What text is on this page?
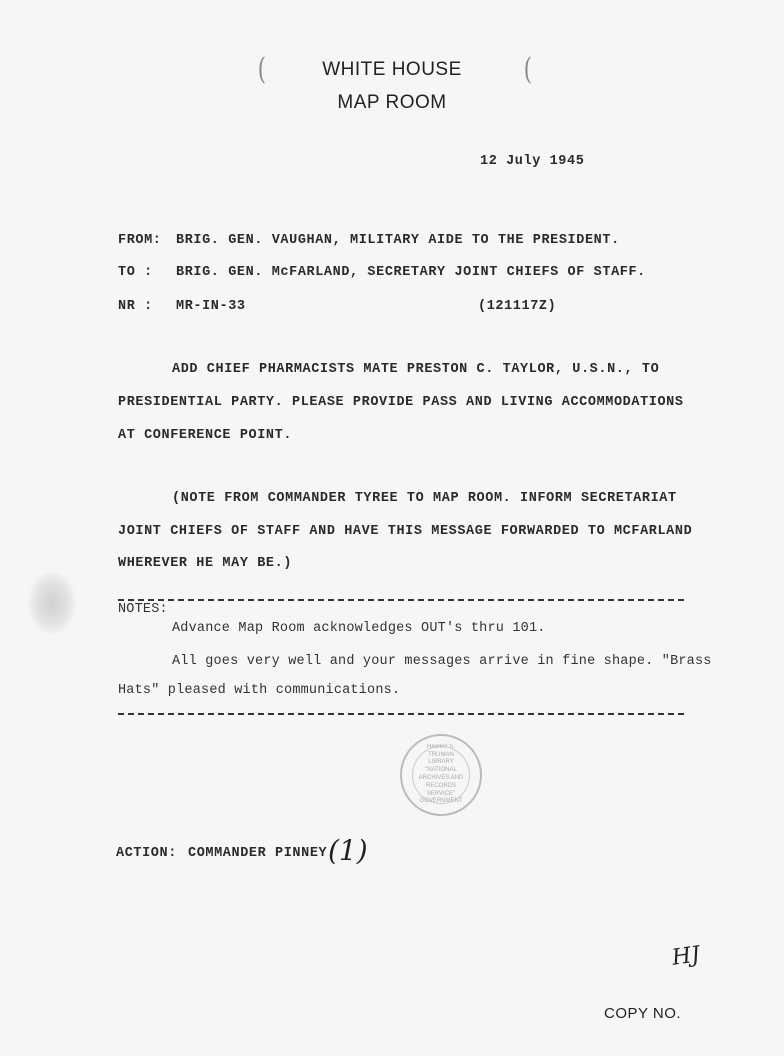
(	(
WHITE HOUSE
MAP ROOM
12 July 1945
FROM: BRIG. GEN. VAUGHAN, MILITARY AIDE TO THE PRESIDENT.
TO : BRIG. GEN. McFARLAND, SECRETARY JOINT CHIEFS OF STAFF.
NR : MR-IN-33	(121117Z)
ADD CHIEF PHARMACISTS MATE PRESTON C. TAYLOR, U.S.N., TO
PRESIDENTIAL PARTY. PLEASE PROVIDE PASS AND LIVING ACCOMMODATIONS
AT CONFERENCE POINT.
(NOTE FROM COMMANDER TYREE TO MAP ROOM. INFORM SECRETARIAT
JOINT CHIEFS OF STAFF AND HAVE THIS MESSAGE FORWARDED TO MCFARLAND
WHEREVER HE MAY BE.)
NOTES:
Advance Map Room acknowledges OUT's thru 101.
All goes very well and your messages arrive in fine shape. "Brass
Hats" pleased with communications.
HARRY S. TRUMAN LIBRARY "NATIONAL ARCHIVES AND RECORDS SERVICE" GOVERNMENT
ACTION: COMMANDER PINNEY (1)
HJ
COPY NO.
